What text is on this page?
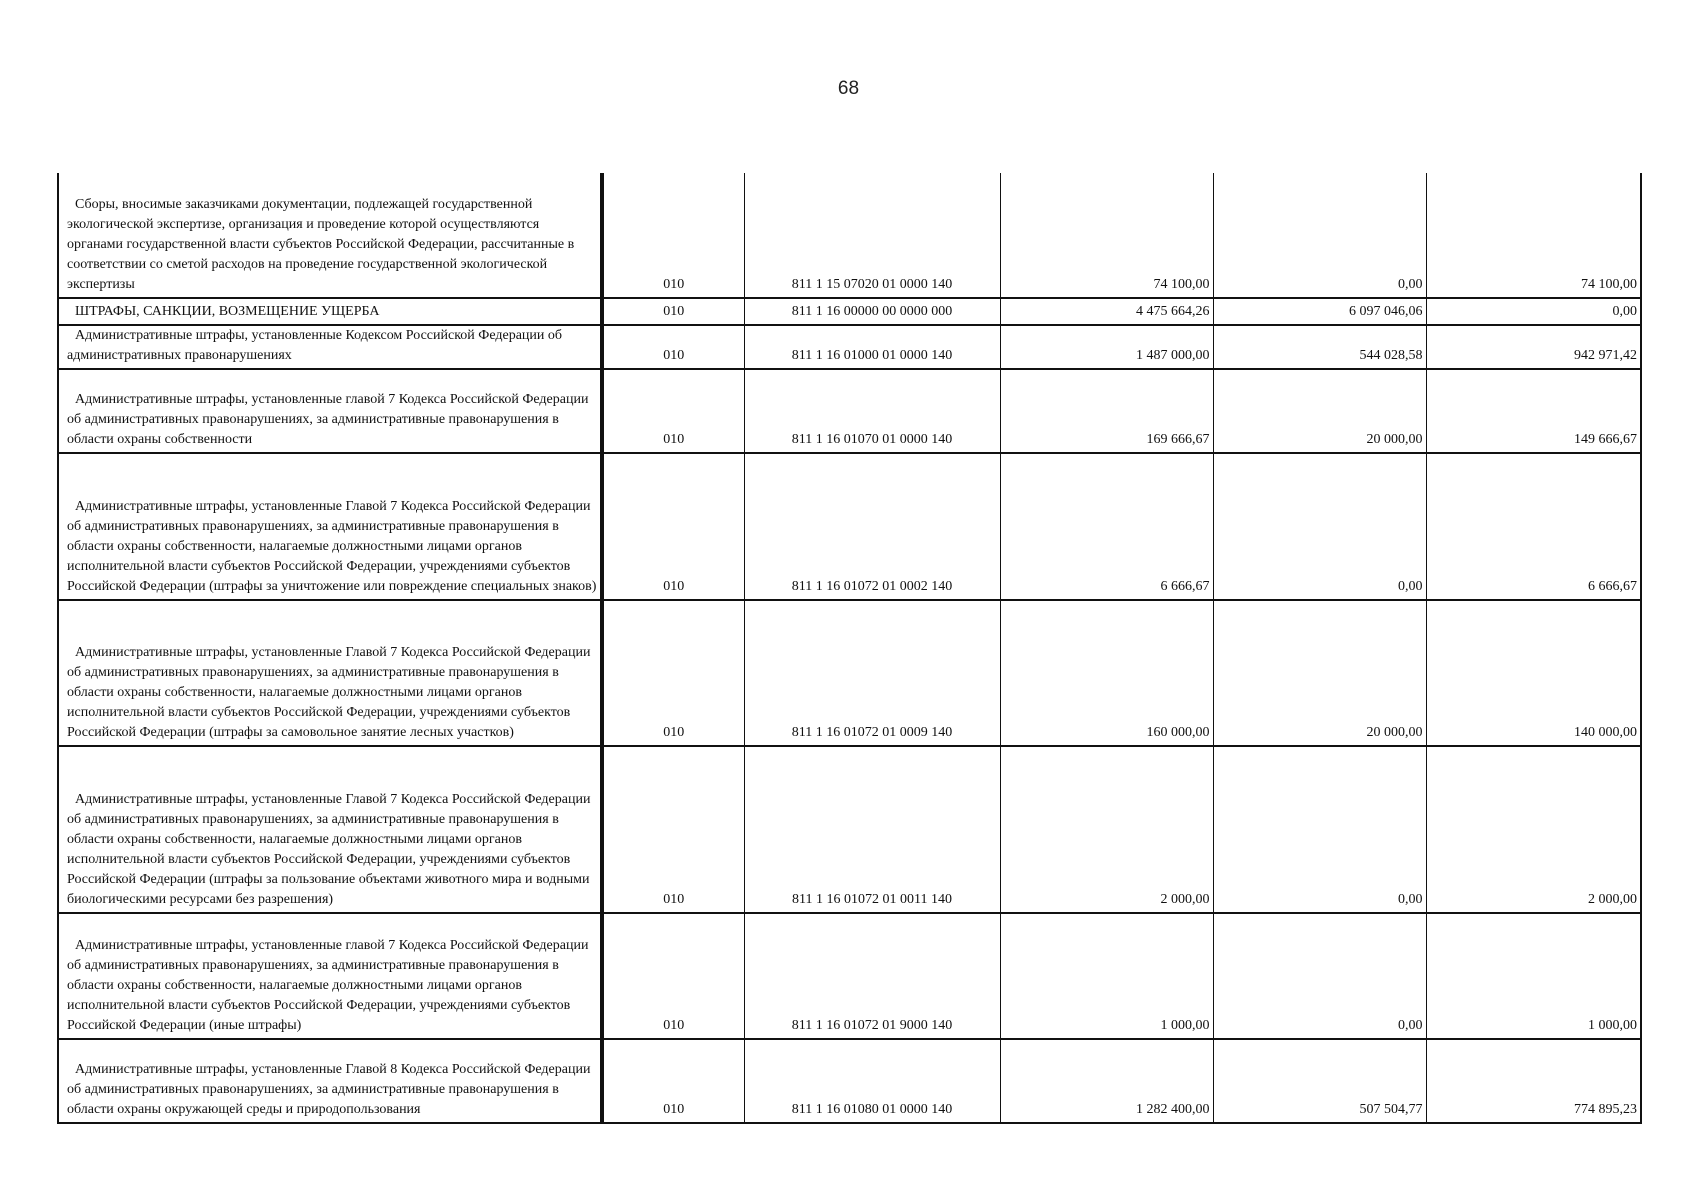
68
Сборы, вносимые заказчиками документации, подлежащей государственной экологической экспертизе, организация и проведение которой осуществляются органами государственной власти субъектов Российской Федерации, рассчитанные в соответствии со сметой расходов на проведение государственной экологической экспертизы	010	811 1 15 07020 01 0000 140	74 100,00	0,00	74 100,00

ШТРАФЫ, САНКЦИИ, ВОЗМЕЩЕНИЕ УЩЕРБА	010	811 1 16 00000 00 0000 000	4 475 664,26	6 097 046,06	0,00

Административные штрафы, установленные Кодексом Российской Федерации об административных правонарушениях	010	811 1 16 01000 01 0000 140	1 487 000,00	544 028,58	942 971,42

Административные штрафы, установленные главой 7 Кодекса Российской Федерации об административных правонарушениях, за административные правонарушения в области охраны собственности	010	811 1 16 01070 01 0000 140	169 666,67	20 000,00	149 666,67

Административные штрафы, установленные Главой 7 Кодекса Российской Федерации об административных правонарушениях, за административные правонарушения в области охраны собственности, налагаемые должностными лицами органов исполнительной власти субъектов Российской Федерации, учреждениями субъектов Российской Федерации (штрафы за уничтожение или повреждение специальных знаков)	010	811 1 16 01072 01 0002 140	6 666,67	0,00	6 666,67

Административные штрафы, установленные Главой 7 Кодекса Российской Федерации об административных правонарушениях, за административные правонарушения в области охраны собственности, налагаемые должностными лицами органов исполнительной власти субъектов Российской Федерации, учреждениями субъектов Российской Федерации (штрафы за самовольное занятие лесных участков)	010	811 1 16 01072 01 0009 140	160 000,00	20 000,00	140 000,00

Административные штрафы, установленные Главой 7 Кодекса Российской Федерации об административных правонарушениях, за административные правонарушения в области охраны собственности, налагаемые должностными лицами органов исполнительной власти субъектов Российской Федерации, учреждениями субъектов Российской Федерации (штрафы за пользование объектами животного мира и водными биологическими ресурсами без разрешения)	010	811 1 16 01072 01 0011 140	2 000,00	0,00	2 000,00

Административные штрафы, установленные главой 7 Кодекса Российской Федерации об административных правонарушениях, за административные правонарушения в области охраны собственности, налагаемые должностными лицами органов исполнительной власти субъектов Российской Федерации, учреждениями субъектов Российской Федерации (иные штрафы)	010	811 1 16 01072 01 9000 140	1 000,00	0,00	1 000,00

Административные штрафы, установленные Главой 8 Кодекса Российской Федерации об административных правонарушениях, за административные правонарушения в области охраны окружающей среды и природопользования	010	811 1 16 01080 01 0000 140	1 282 400,00	507 504,77	774 895,23
